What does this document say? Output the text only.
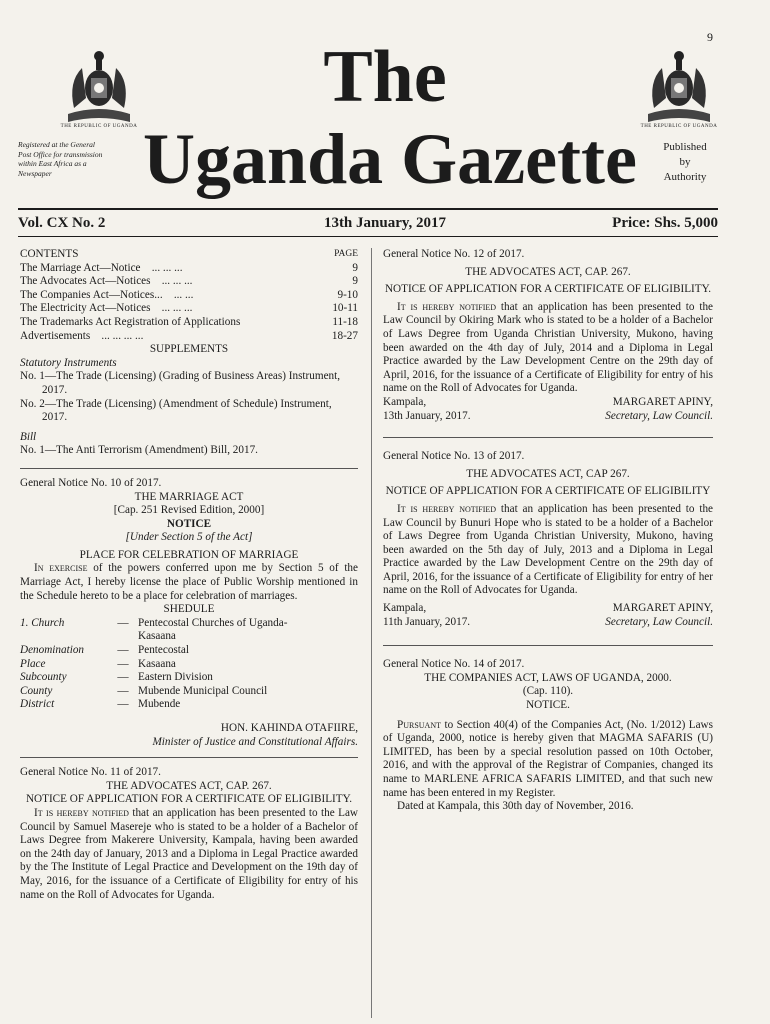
9
THE REPUBLIC OF UGANDA	THE REPUBLIC OF UGANDA
The
Uganda Gazette
Registered at the General Post Office for transmission within East Africa as a Newspaper
Published
by
Authority
Vol. CX No. 2	13th January, 2017	Price: Shs. 5,000
CONTENTS	PAGE
The Marriage Act—Notice ... ... ...	9
The Advocates Act—Notices ... ... ...	9
The Companies Act—Notices... ... ...	9-10
The Electricity Act—Notices ... ... ...	10-11
The Trademarks Act Registration of Applications	11-18
Advertisements ... ... ... ...	18-27
SUPPLEMENTS
Statutory Instruments
No. 1—The Trade (Licensing) (Grading of Business Areas) Instrument, 2017.
No. 2—The Trade (Licensing) (Amendment of Schedule) Instrument, 2017.
Bill
No. 1—The Anti Terrorism (Amendment) Bill, 2017.
General Notice No. 10 of 2017.
THE MARRIAGE ACT
[Cap. 251 Revised Edition, 2000]
NOTICE
[Under Section 5 of the Act]
PLACE FOR CELEBRATION OF MARRIAGE

In exercise of the powers conferred upon me by Section 5 of the Marriage Act, I hereby license the place of Public Worship mentioned in the Schedule hereto to be a place for celebration of marriages.

SHEDULE
1. Church	— Pentecostal Churches of Uganda- Kasaana
Denomination	— Pentecostal
Place	— Kasaana
Subcounty	— Eastern Division
County	— Mubende Municipal Council
District	— Mubende
HON. KAHINDA OTAFIIRE,
Minister of Justice and Constitutional Affairs.
General Notice No. 11 of 2017.
THE ADVOCATES ACT, CAP. 267.
NOTICE OF APPLICATION FOR A CERTIFICATE OF ELIGIBILITY.

It is hereby notified that an application has been presented to the Law Council by Samuel Masereje who is stated to be a holder of a Bachelor of Laws Degree from Makerere University, Kampala, having been awarded on the 24th day of January, 2013 and a Diploma in Legal Practice awarded by the The Institute of Legal Practice and Development on the 19th day of May, 2016, for the issuance of a Certificate of Eligibility for entry of his name on the Roll of Advocates for Uganda.

General Notice No. 12 of 2017.
THE ADVOCATES ACT, CAP. 267.
NOTICE OF APPLICATION FOR A CERTIFICATE OF ELIGIBILITY.

It is hereby notified that an application has been presented to the Law Council by Okiring Mark who is stated to be a holder of a Bachelor of Laws Degree from Uganda Christian University, Mukono, having been awarded on the 4th day of July, 2014 and a Diploma in Legal Practice awarded by the Law Development Centre on the 29th day of April, 2016, for the issuance of a Certificate of Eligibility for entry of his name on the Roll of Advocates for Uganda.

Kampala,	MARGARET APINY,
13th January, 2017.	Secretary, Law Council.
General Notice No. 13 of 2017.
THE ADVOCATES ACT, CAP 267.
NOTICE OF APPLICATION FOR A CERTIFICATE OF ELIGIBILITY

It is hereby notified that an application has been presented to the Law Council by Bunuri Hope who is stated to be a holder of a Bachelor of Laws Degree from Uganda Christian University, Mukono, having been awarded on the 5th day of July, 2013 and a Diploma in Legal Practice awarded by the Law Development Centre on the 29th day of April, 2016, for the issuance of a Certificate of Eligibility for entry of her name on the Roll of Advocates for Uganda.

Kampala,	MARGARET APINY,
11th January, 2017.	Secretary, Law Council.
General Notice No. 14 of 2017.
THE COMPANIES ACT, LAWS OF UGANDA, 2000.
(Cap. 110).
NOTICE.

Pursuant to Section 40(4) of the Companies Act, (No. 1/2012) Laws of Uganda, 2000, notice is hereby given that MAGMA SAFARIS (U) LIMITED, has been by a special resolution passed on 10th October, 2016, and with the approval of the Registrar of Companies, changed its name to MARLENE AFRICA SAFARIS LIMITED, and that such new name has been entered in my Register.

Dated at Kampala, this 30th day of November, 2016.
